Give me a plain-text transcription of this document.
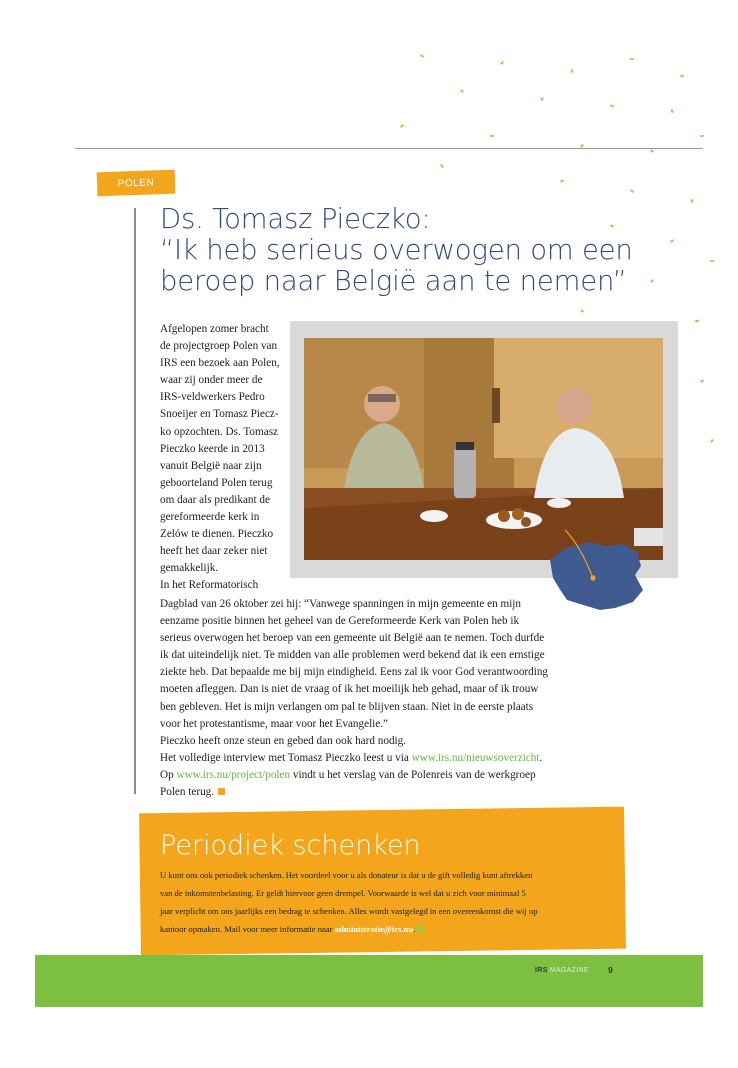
POLEN
Ds. Tomasz Pieczko:
“Ik heb serieus overwogen om een
beroep naar België aan te nemen”
Afgelopen zomer bracht
de projectgroep Polen van
IRS een bezoek aan Polen,
waar zij onder meer de
IRS-veldwerkers Pedro
Snoeijer en Tomasz Piecz-
ko opzochten. Ds. Tomasz
Pieczko keerde in 2013
vanuit België naar zijn
geboorteland Polen terug
om daar als predikant de
gereformeerde kerk in
Zelów te dienen. Pieczko
heeft het daar zeker niet
gemakkelijk.
In het Reformatorisch
Dagblad van 26 oktober zei hij: “Vanwege spanningen in mijn gemeente en mijn
eenzame positie binnen het geheel van de Gereformeerde Kerk van Polen heb ik
serieus overwogen het beroep van een gemeente uit België aan te nemen. Toch durfde
ik dat uiteindelijk niet. Te midden van alle problemen werd bekend dat ik een ernstige
ziekte heb. Dat bepaalde me bij mijn eindigheid. Eens zal ik voor God verantwoording
moeten afleggen. Dan is niet de vraag of ik het moeilijk heb gehad, maar of ik trouw
ben gebleven. Het is mijn verlangen om pal te blijven staan. Niet in de eerste plaats
voor het protestantisme, maar voor het Evangelie.”
Pieczko heeft onze steun en gebed dan ook hard nodig.
Het volledige interview met Tomasz Pieczko leest u via www.irs.nu/nieuwsoverzicht.
Op www.irs.nu/project/polen vindt u het verslag van de Polenreis van de werkgroep
Polen terug.
Periodiek schenken
U kunt ons ook periodiek schenken. Het voordeel voor u als donateur is dat u de gift volledig kunt aftrekken
van de inkomstenbelasting. Er geldt hiervoor geen drempel. Voorwaarde is wel dat u zich voor minimaal 5
jaar verplicht om ons jaarlijks een bedrag te schenken. Alles wordt vastgelegd in een overeenkomst die wij op
kantoor opmaken. Mail voor meer informatie naar administratie@irs.nu.
IRS MAGAZINE 9
